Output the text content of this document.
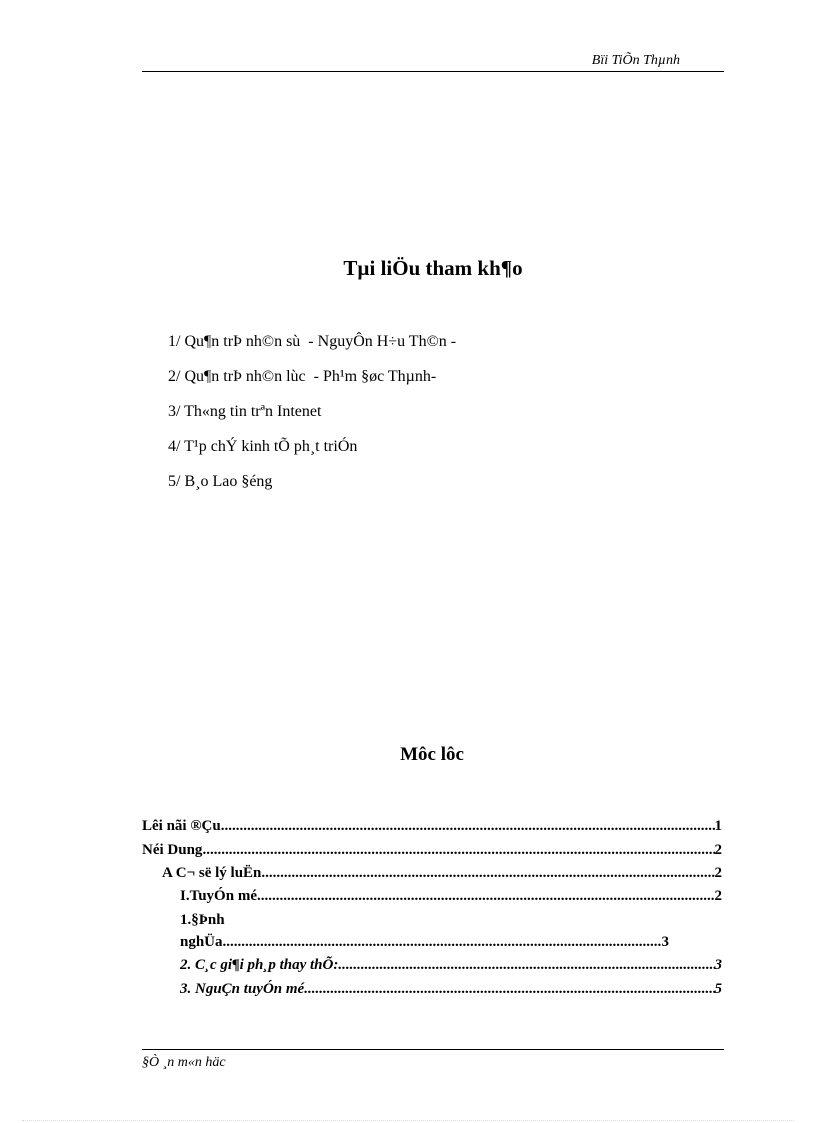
Bïi TiÕn Thµnh
Tµi liÖu tham kh¶o
1/ Qu¶n trÞ nh©n sù  - NguyÔn H÷u Th©n -
2/ Qu¶n trÞ nh©n lùc  - Ph¹m §øc Thµnh-
3/ Th«ng tin trªn Intenet
4/ T¹p chÝ kinh tÕ ph¸t triÓn
5/ B¸o Lao §éng
Môc lôc
Lêi nãi ®Çu .....	1
Néi Dung .....	2
A C¬ së lý luËn .....	2
I.TuyÓn mé .....	2
1.§Þnh
nghÜa .....	3
2. C¸c gi¶i ph¸p thay thÕ: .....	3
3. NguÇn tuyÓn mé .....	5
§Ò ¸n m«n häc
